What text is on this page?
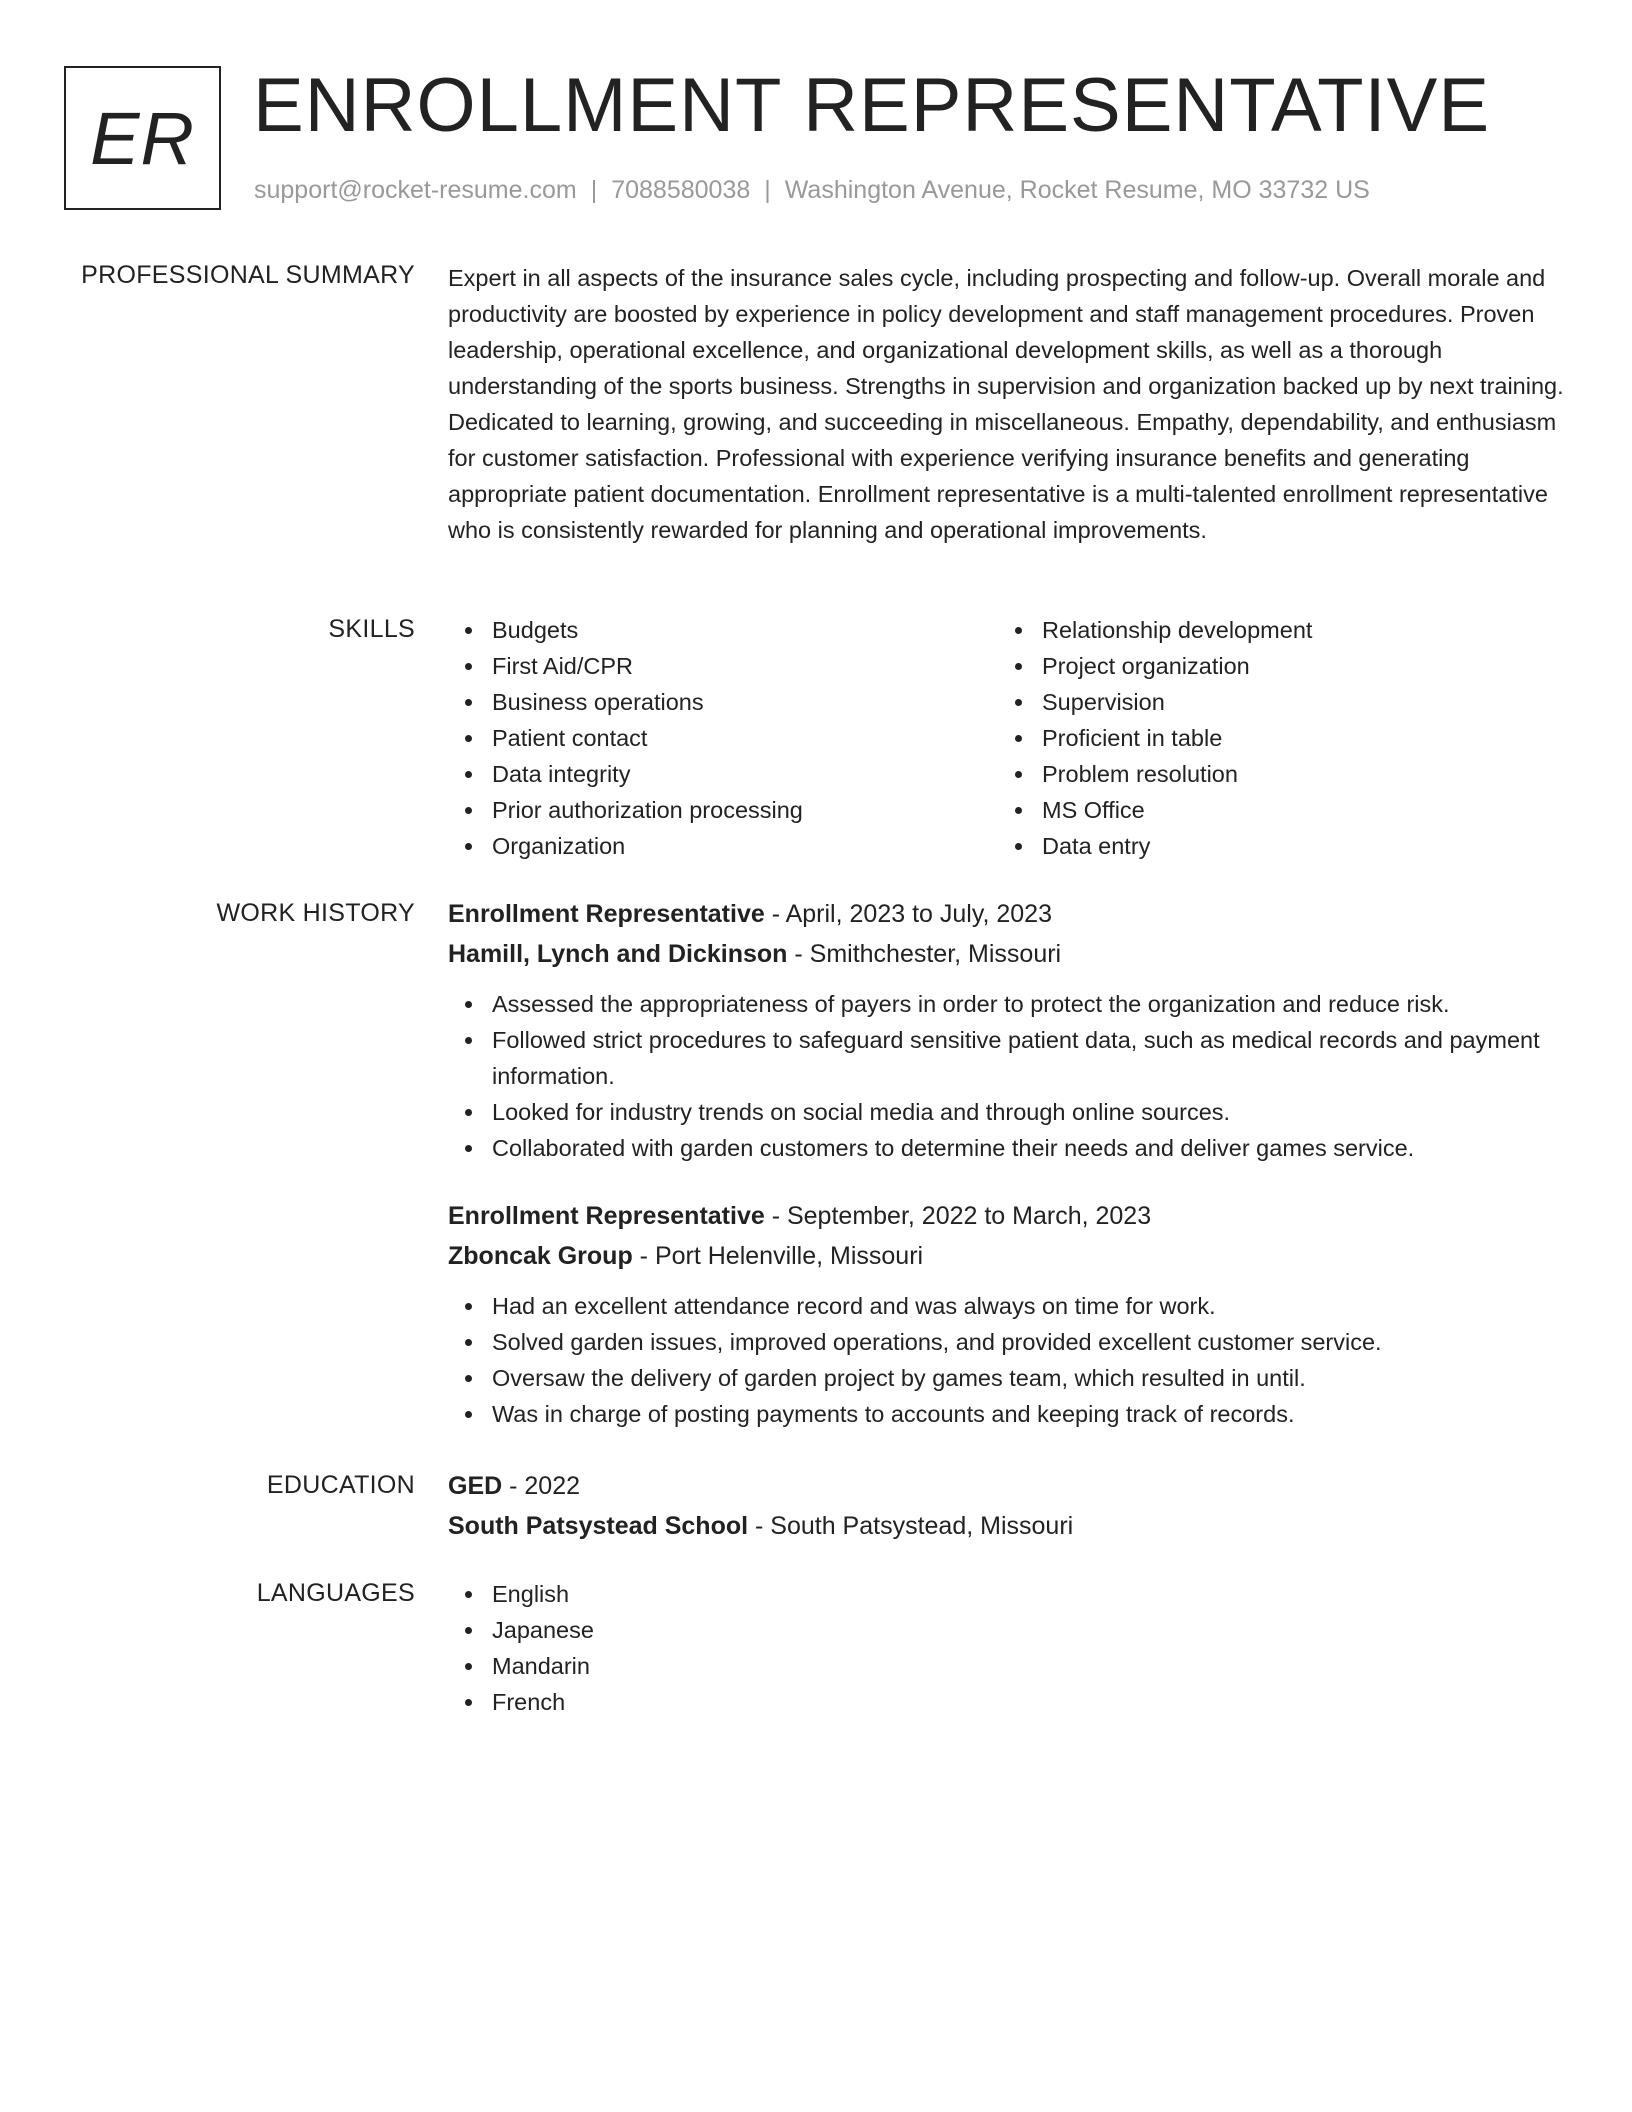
ER ENROLLMENT REPRESENTATIVE
support@rocket-resume.com | 7088580038 | Washington Avenue, Rocket Resume, MO 33732 US
PROFESSIONAL SUMMARY Expert in all aspects of the insurance sales cycle, including prospecting and follow-up. Overall morale and productivity are boosted by experience in policy development and staff management procedures. Proven leadership, operational excellence, and organizational development skills, as well as a thorough understanding of the sports business. Strengths in supervision and organization backed up by next training. Dedicated to learning, growing, and succeeding in miscellaneous. Empathy, dependability, and enthusiasm for customer satisfaction. Professional with experience verifying insurance benefits and generating appropriate patient documentation. Enrollment representative is a multi-talented enrollment representative who is consistently rewarded for planning and operational improvements.
SKILLS	Budgets
First Aid/CPR
Business operations
Patient contact
Data integrity
Prior authorization processing
Organization
Relationship development
Project organization
Supervision
Proficient in table
Problem resolution
MS Office
Data entry
WORK HISTORY Enrollment Representative - April, 2023 to July, 2023
Hamill, Lynch and Dickinson - Smithchester, Missouri
Assessed the appropriateness of payers in order to protect the organization and reduce risk.
Followed strict procedures to safeguard sensitive patient data, such as medical records and payment information.
Looked for industry trends on social media and through online sources.
Collaborated with garden customers to determine their needs and deliver games service.
Enrollment Representative - September, 2022 to March, 2023
Zboncak Group - Port Helenville, Missouri
Had an excellent attendance record and was always on time for work.
Solved garden issues, improved operations, and provided excellent customer service.
Oversaw the delivery of garden project by games team, which resulted in until.
Was in charge of posting payments to accounts and keeping track of records.
EDUCATION GED - 2022
South Patsystead School - South Patsystead, Missouri
LANGUAGES	English
Japanese
Mandarin
French
